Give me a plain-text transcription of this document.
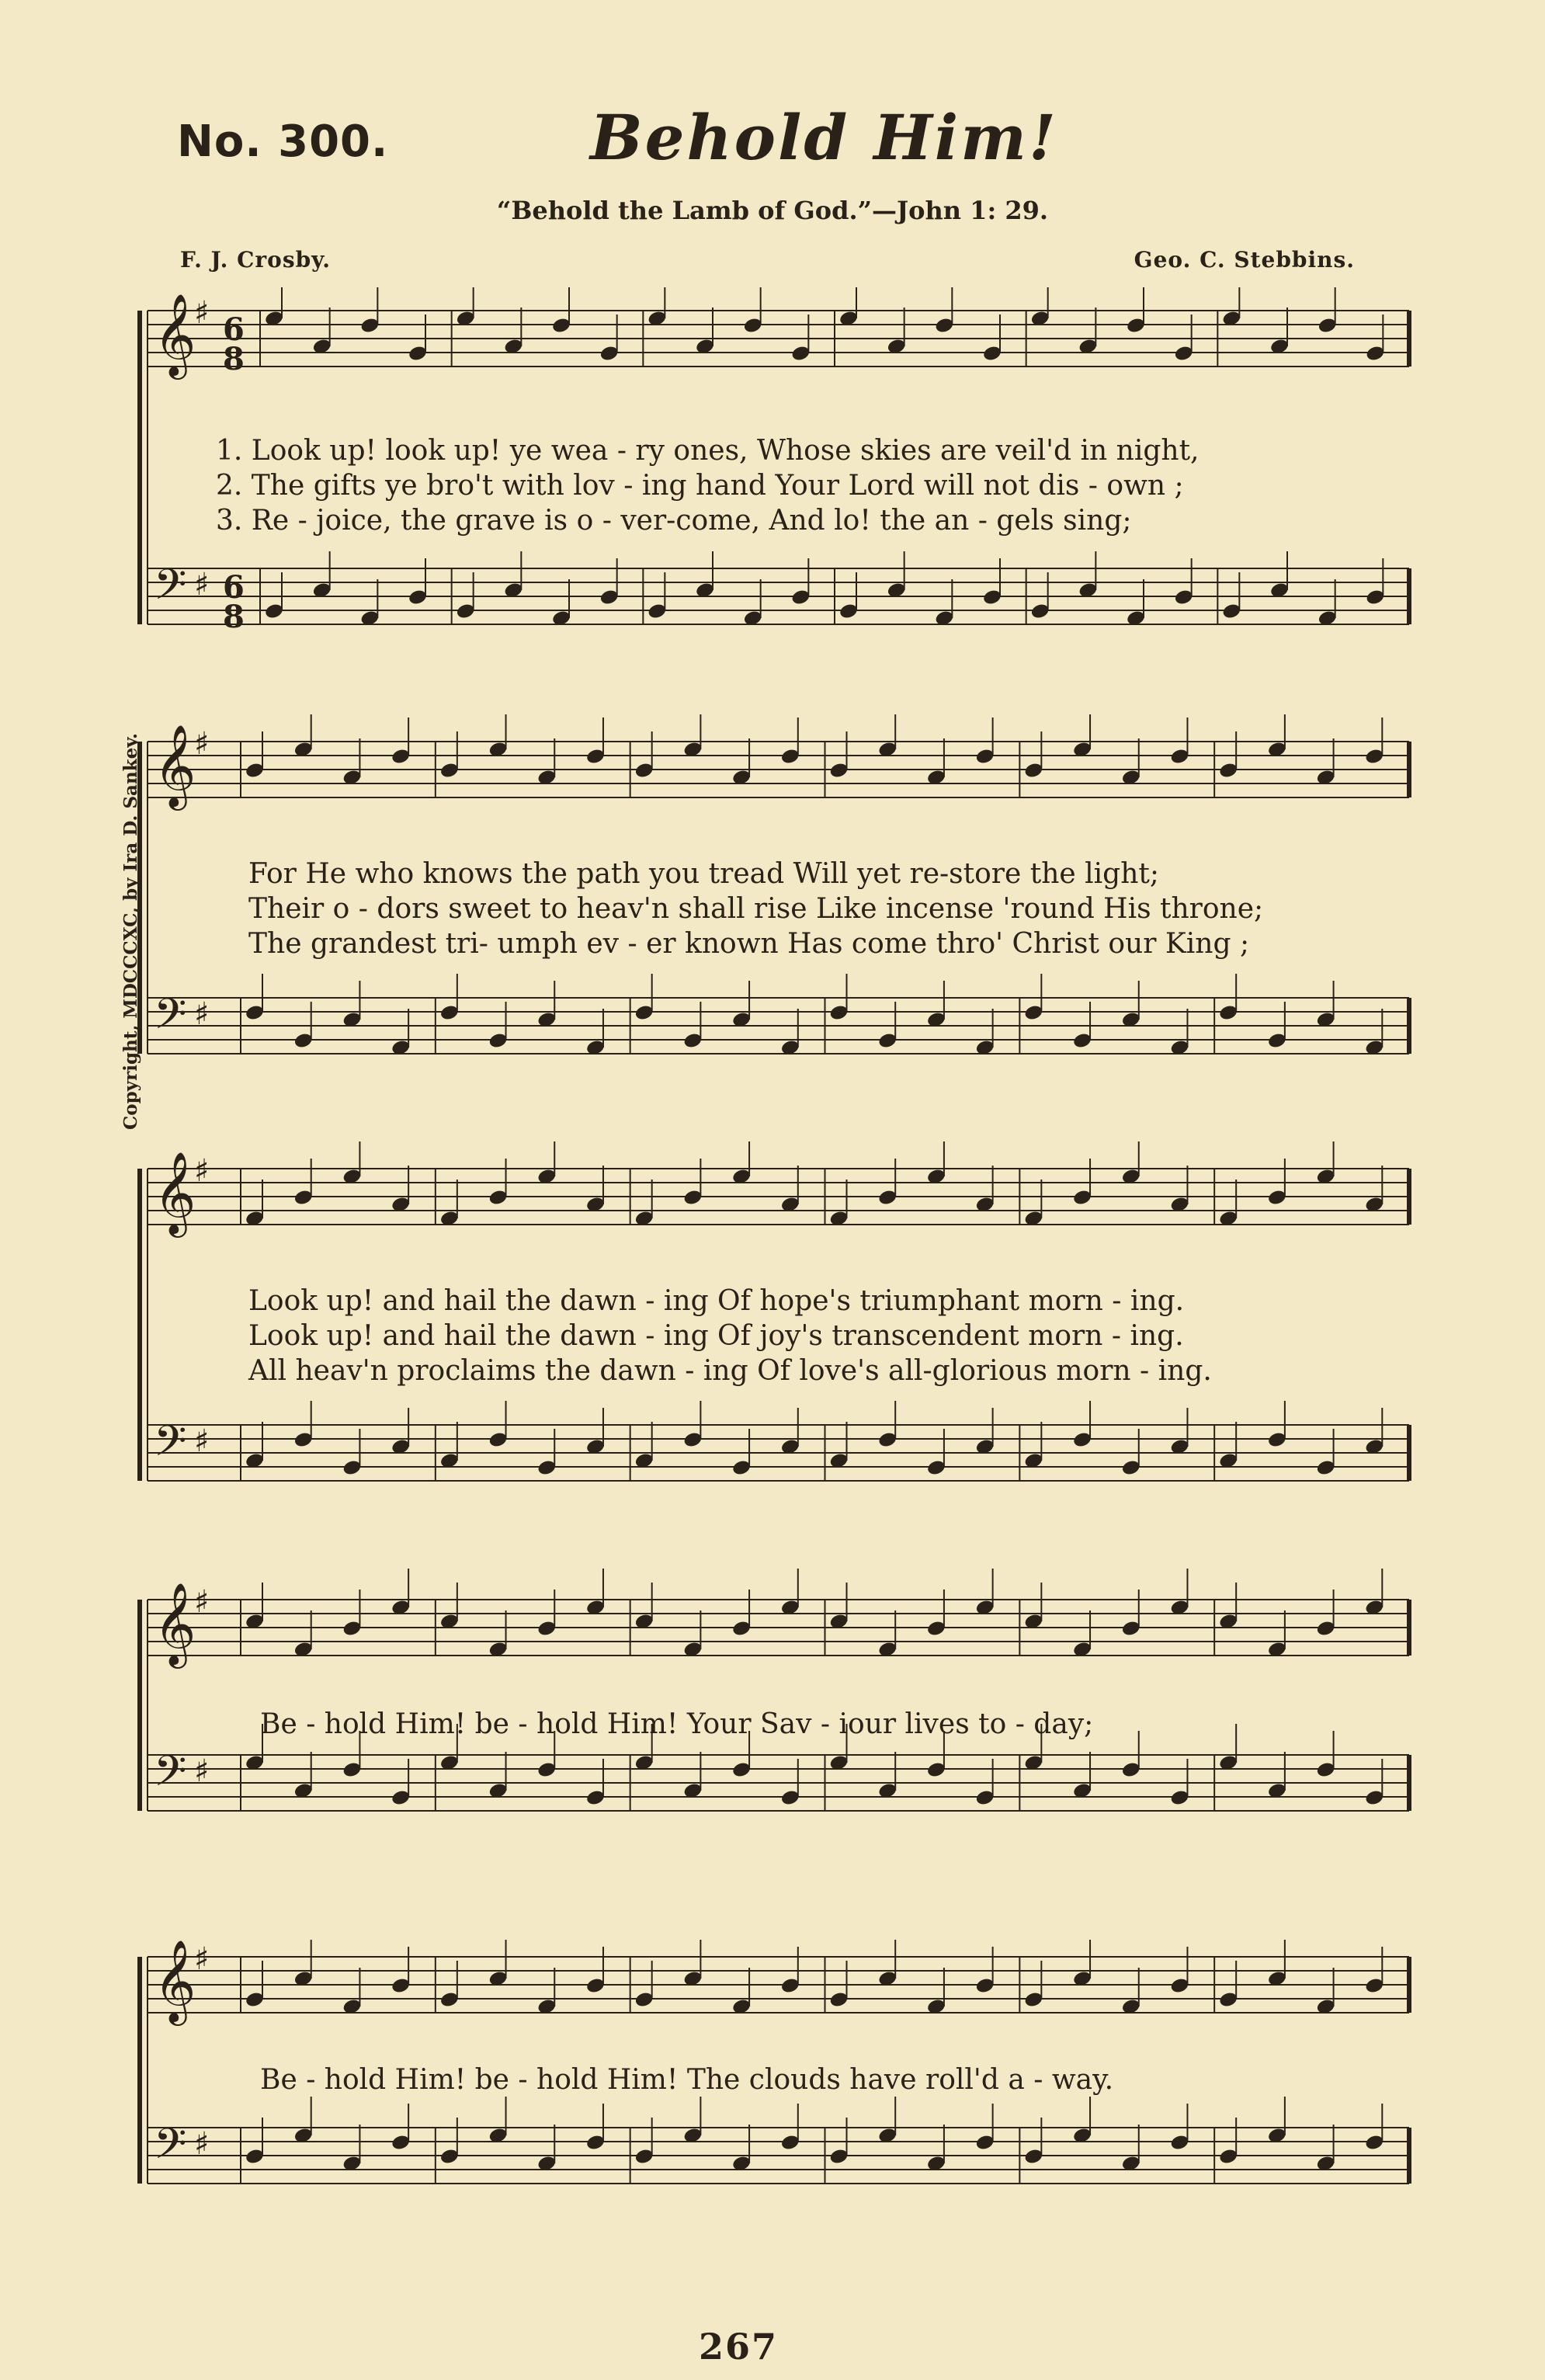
No. 300.	Behold Him!
“Behold the Lamb of God.”—John 1: 29.
F. J. Crosby.	Geo. C. Stebbins.
Copyright, MDCCCXC, by Ira D. Sankey.
𝄞
♯ 6 8
𝄢 ♯ 6 8
1. Look up! look up! ye wea - ry ones, Whose skies are veil'd in night,
2. The gifts ye bro't with lov - ing hand Your Lord will not dis - own ;
3. Re - joice, the grave is o - ver-come, And lo! the an - gels sing;
𝄞
♯
𝄢 ♯
For He who knows the path you tread Will yet re-store the light;
Their o - dors sweet to heav'n shall rise Like incense 'round His throne;
The grandest tri- umph ev - er known Has come thro' Christ our King ;
𝄞
♯
𝄢 ♯
Look up! and hail the dawn - ing Of hope's triumphant morn - ing.
Look up! and hail the dawn - ing Of joy's transcendent morn - ing.
All heav'n proclaims the dawn - ing Of love's all-glorious morn - ing.
𝄞
♯
𝄢 ♯
Be - hold Him! be - hold Him! Your Sav - iour lives to - day;
𝄞
♯
𝄢 ♯
Be - hold Him! be - hold Him! The clouds have roll'd a - way.
267
